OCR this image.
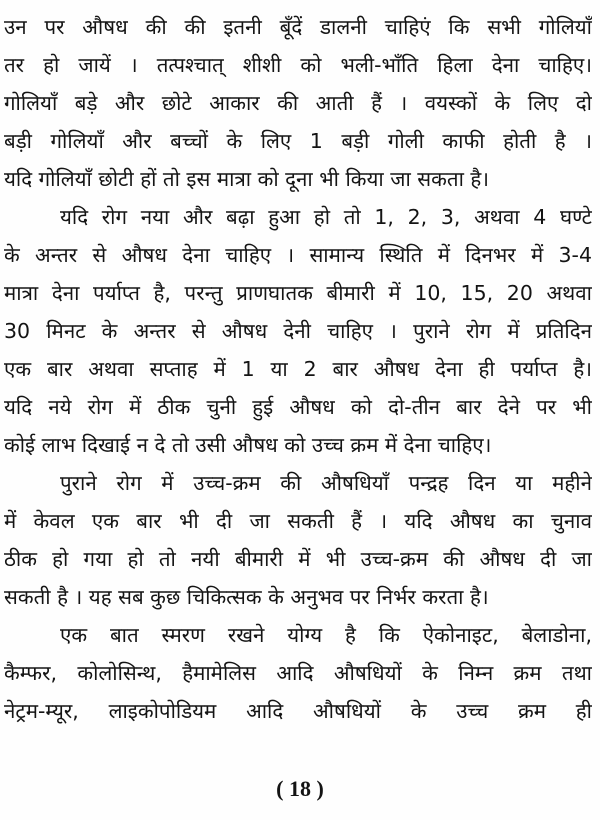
उन पर औषध की की इतनी बूँदें डालनी चाहिएं कि सभी गोलियाँ
तर हो जायें । तत्पश्चात् शीशी को भली-भाँति हिला देना चाहिए।
गोलियाँ बड़े और छोटे आकार की आती हैं । वयस्कों के लिए दो
बड़ी गोलियाँ और बच्चों के लिए 1 बड़ी गोली काफी होती है ।
यदि गोलियाँ छोटी हों तो इस मात्रा को दूना भी किया जा सकता है।
यदि रोग नया और बढ़ा हुआ हो तो 1, 2, 3, अथवा 4 घण्टे
के अन्तर से औषध देना चाहिए । सामान्य स्थिति में दिनभर में 3-4
मात्रा देना पर्याप्त है, परन्तु प्राणघातक बीमारी में 10, 15, 20 अथवा
30 मिनट के अन्तर से औषध देनी चाहिए । पुराने रोग में प्रतिदिन
एक बार अथवा सप्ताह में 1 या 2 बार औषध देना ही पर्याप्त है।
यदि नये रोग में ठीक चुनी हुई औषध को दो-तीन बार देने पर भी
कोई लाभ दिखाई न दे तो उसी औषध को उच्च क्रम में देना चाहिए।
पुराने रोग में उच्च-क्रम की औषधियाँ पन्द्रह दिन या महीने
में केवल एक बार भी दी जा सकती हैं । यदि औषध का चुनाव
ठीक हो गया हो तो नयी बीमारी में भी उच्च-क्रम की औषध दी जा
सकती है । यह सब कुछ चिकित्सक के अनुभव पर निर्भर करता है।
एक बात स्मरण रखने योग्य है कि ऐकोनाइट, बेलाडोना,
कैम्फर, कोलोसिन्थ, हैमामेलिस आदि औषधियों के निम्न क्रम तथा
नेट्रम-म्यूर, लाइकोपोडियम आदि औषधियों के उच्च क्रम ही
( 18 )
